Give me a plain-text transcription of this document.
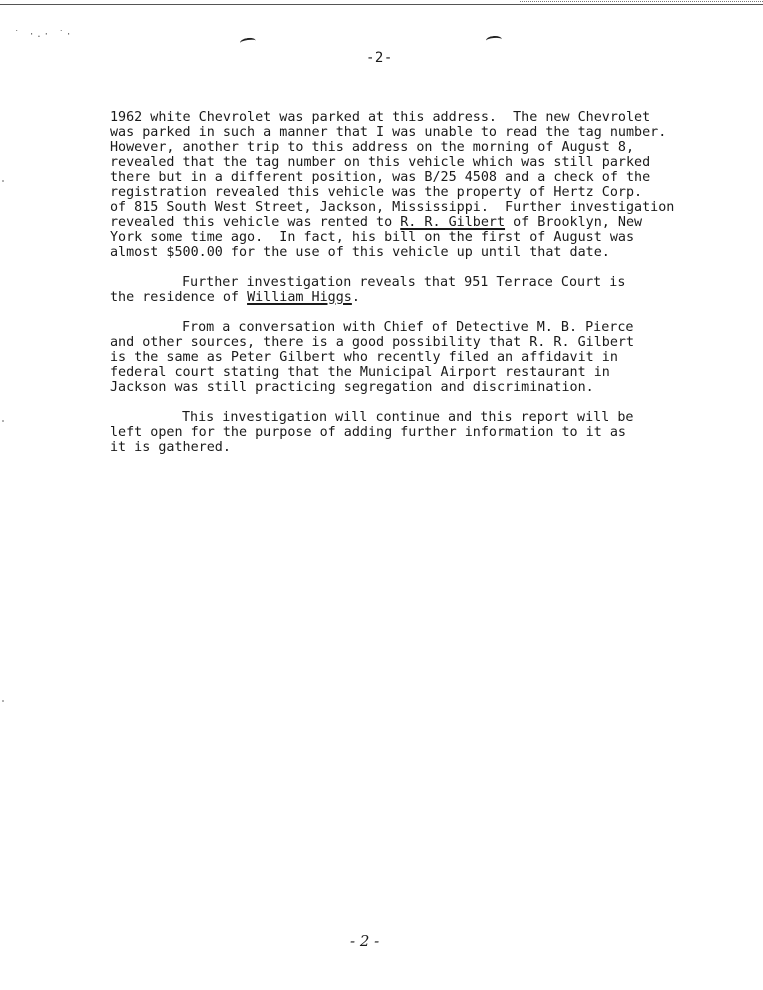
˙ ·.· ˙·
-2-
1962 white Chevrolet was parked at this address.  The new Chevrolet
was parked in such a manner that I was unable to read the tag number.
However, another trip to this address on the morning of August 8,
revealed that the tag number on this vehicle which was still parked
there but in a different position, was B/25 4508 and a check of the
registration revealed this vehicle was the property of Hertz Corp.
of 815 South West Street, Jackson, Mississippi.  Further investigation
revealed this vehicle was rented to R. R. Gilbert of Brooklyn, New
York some time ago.  In fact, his bill on the first of August was
almost $500.00 for the use of this vehicle up until that date.
Further investigation reveals that 951 Terrace Court is
the residence of William Higgs.
From a conversation with Chief of Detective M. B. Pierce
and other sources, there is a good possibility that R. R. Gilbert
is the same as Peter Gilbert who recently filed an affidavit in
federal court stating that the Municipal Airport restaurant in
Jackson was still practicing segregation and discrimination.
This investigation will continue and this report will be
left open for the purpose of adding further information to it as
it is gathered.
- 2 -
